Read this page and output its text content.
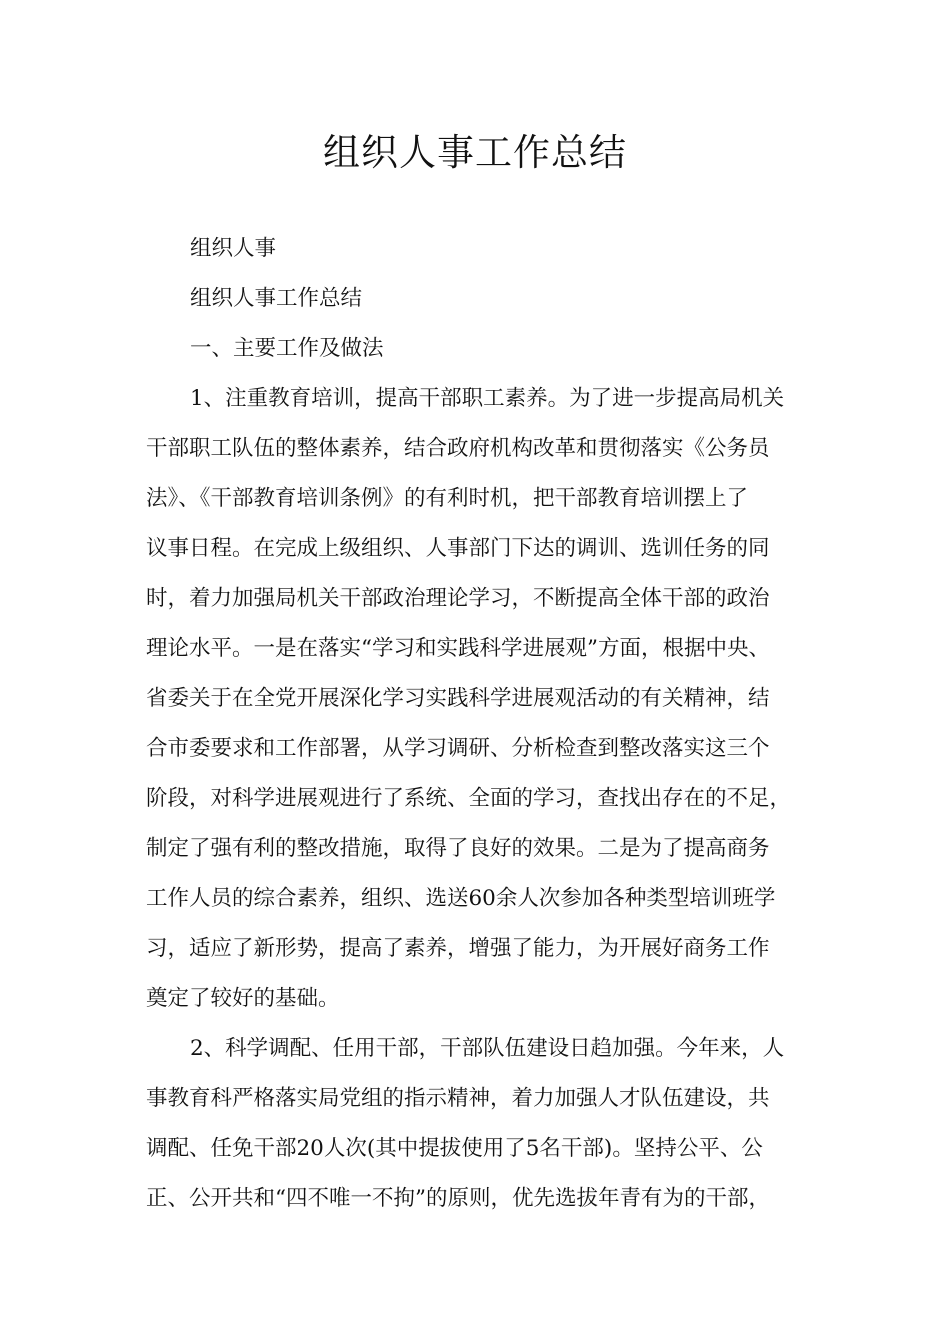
组织人事工作总结

组织人事

组织人事工作总结

一、主要工作及做法

1、注重教育培训，提高干部职工素养。为了进一步提高局机关

干部职工队伍的整体素养，结合政府机构改革和贯彻落实《公务员

法》、《干部教育培训条例》的有利时机，把干部教育培训摆上了

议事日程。在完成上级组织、人事部门下达的调训、选训任务的同

时，着力加强局机关干部政治理论学习，不断提高全体干部的政治

理论水平。一是在落实“学习和实践科学进展观”方面，根据中央、

省委关于在全党开展深化学习实践科学进展观活动的有关精神，结

合市委要求和工作部署，从学习调研、分析检查到整改落实这三个

阶段，对科学进展观进行了系统、全面的学习，查找出存在的不足，

制定了强有利的整改措施，取得了良好的效果。二是为了提高商务

工作人员的综合素养，组织、选送60余人次参加各种类型培训班学

习，适应了新形势，提高了素养，增强了能力，为开展好商务工作

奠定了较好的基础。

2、科学调配、任用干部，干部队伍建设日趋加强。今年来，人

事教育科严格落实局党组的指示精神，着力加强人才队伍建设，共

调配、任免干部20人次(其中提拔使用了5名干部)。坚持公平、公

正、公开共和“四不唯一不拘”的原则，优先选拔年青有为的干部，
